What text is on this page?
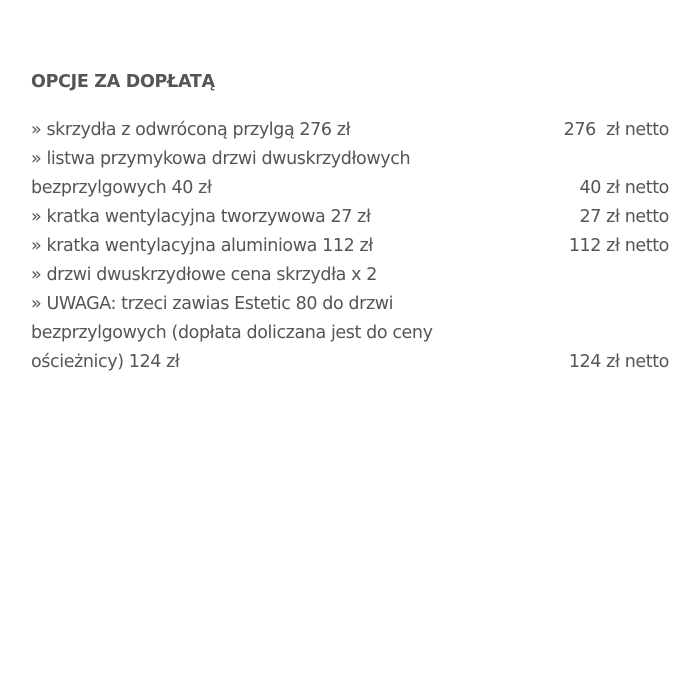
OPCJE ZA DOPŁATĄ
» skrzydła z odwróconą przylgą 276 zł	276  zł netto
» listwa przymykowa drzwi dwuskrzydłowych bezprzylgowych 40 zł	40 zł netto
» kratka wentylacyjna tworzywowa 27 zł	27 zł netto
» kratka wentylacyjna aluminiowa 112 zł	112 zł netto
» drzwi dwuskrzydłowe cena skrzydła x 2	
» UWAGA: trzeci zawias Estetic 80 do drzwi bezprzylgowych (dopłata doliczana jest do ceny ościeżnicy) 124 zł	124 zł netto
